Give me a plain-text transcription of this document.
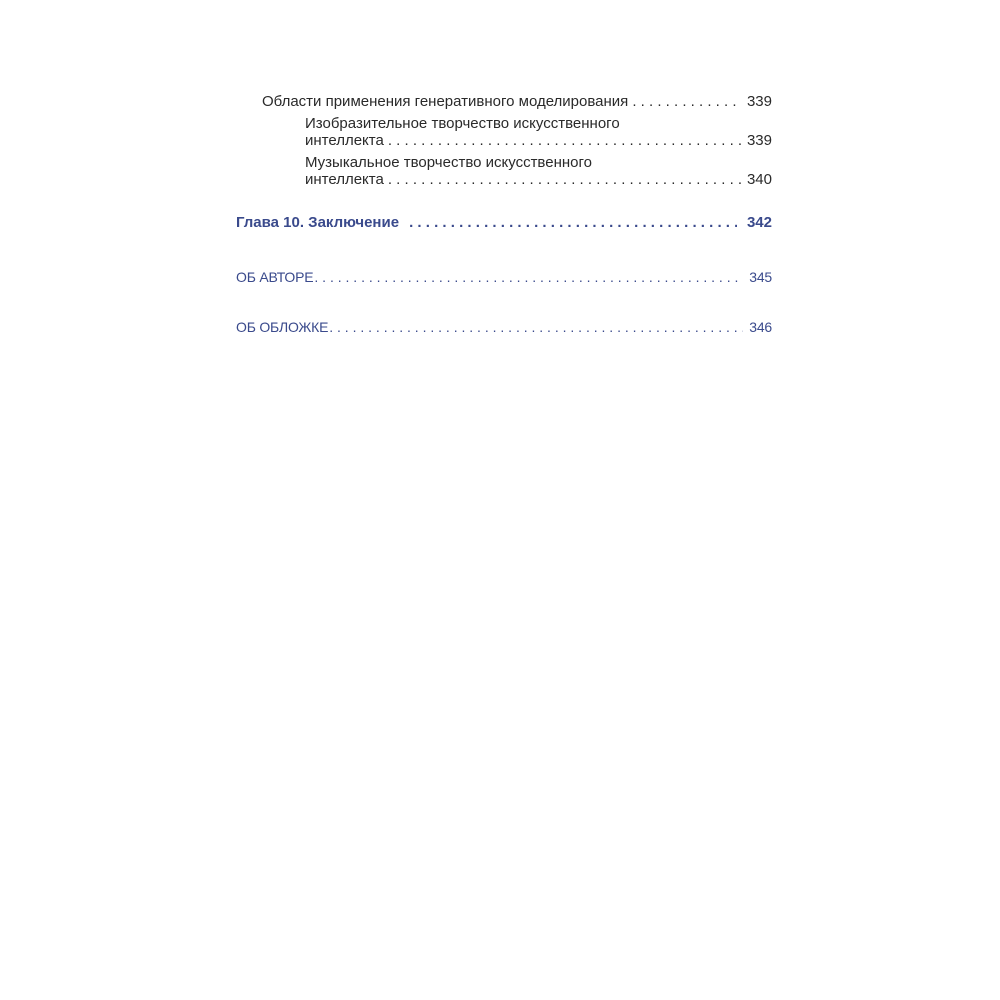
Области применения генеративного моделирования . . .	339
Изобразительное творчество искусственного
интеллекта . . .	339
Музыкальное творчество искусственного
интеллекта . . .	340
Глава 10. Заключение . . .	342
ОБ АВТОРЕ . . .	345
ОБ ОБЛОЖКЕ . . .	346
